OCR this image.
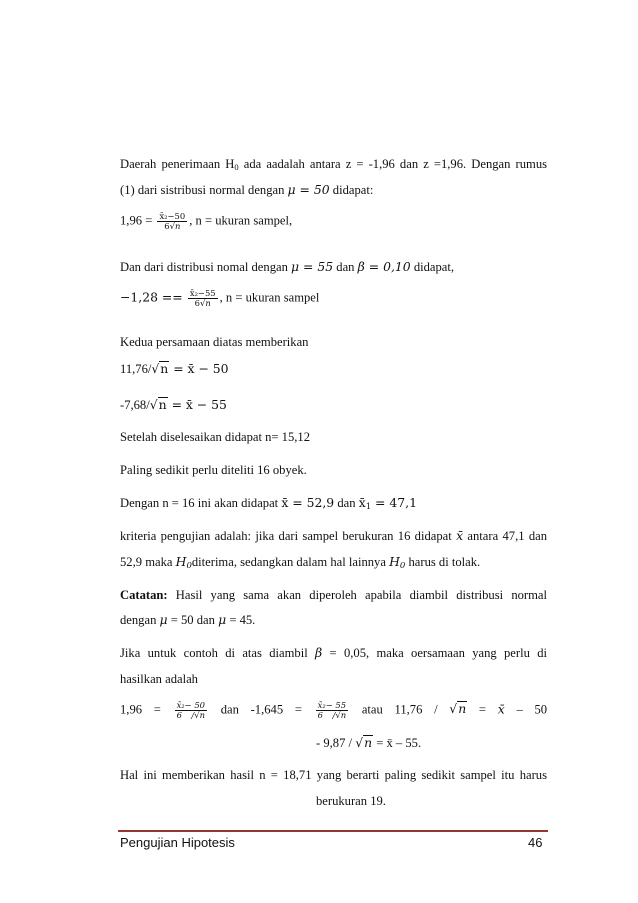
Daerah penerimaan $H_0$ ada aadalah antara z = -1,96 dan z =1,96. Dengan rumus
(1) dari sistribusi normal dengan μ = 50 didapat:
$1,96 = \frac{\text{x̄₂−50}}{6√n}$ , n = ukuran sampel,
Dan dari distribusi nomal dengan μ = 55 dan β = 0,10 didapat,
$-1,28 == \frac{\text{x̄₂−55}}{6√n}$ , n = ukuran sampel
Kedua persamaan diatas memberikan
11,76/√n = x̄ − 50
-7,68/√n = x̄ − 55
Setelah diselesaikan didapat n= 15,12
Paling sedikit perlu diteliti 16 obyek.
Dengan n = 16 ini akan didapat x̄ = 52,9 dan $x̄_1 = 47,1$
kriteria pengujian adalah: jika dari sampel berukuran 16 didapat x̄ antara 47,1 dan
52,9 maka $H_0diterima$, sedangkan dalam hal lainnya $H_0$ harus di tolak.
Catatan: Hasil yang sama akan diperoleh apabila diambil distribusi normal
dengan μ = 50 dan μ = 45.
Jika untuk contoh di atas diambil β = 0,05, maka oersamaan yang perlu di
hasilkan adalah
$1,96 = \frac{\text{x̄₂− 50}}{6 /√n}$ dan $-1,645 = \frac{\text{x̄₂− 55}}{6 /√n}$ atau 11,76 / √n = x̄ – 50
- 9,87 / √n = x̄ – 55.
Hal ini memberikan hasil n = 18,71 yang berarti paling sedikit sampel itu harus
berukuran 19.
Pengujian Hipotesis	46
